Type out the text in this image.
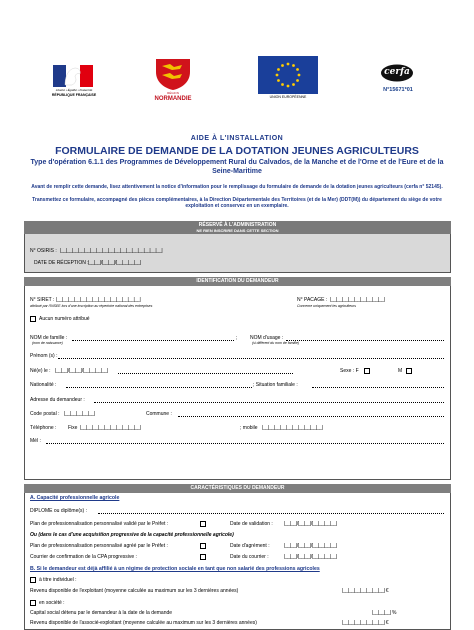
Liberté • Égalité • Fraternité
RÉPUBLIQUE FRANÇAISE	RÉGION
NORMANDIE	UNION EUROPÉENNE
cerfa
N°15671*01
AIDE À L'INSTALLATION
FORMULAIRE DE DEMANDE DE LA DOTATION JEUNES AGRICULTEURS
Type d'opération 6.1.1 des Programmes de Développement Rural du Calvados, de la Manche et de l'Orne et de l'Eure et de la Seine-Maritime
Avant de remplir cette demande, lisez attentivement la notice d'information pour le remplissage du formulaire de demande de la dotation jeunes agriculteurs (cerfa n° 52145).
Transmettez ce formulaire, accompagné des pièces complémentaires, à la Direction Départementale des Territoires (et de la Mer) (DDT(M)) du département du siège de votre exploitation et conservez en un exemplaire.
RÉSERVÉ À L'ADMINISTRATION
NE RIEN INSCRIRE DANS CETTE SECTION
N° OSIRIS : |__|__|__|__|__|__|__|__|__|__|__|__|__|__|__|__|__|
DATE DE RÉCEPTION : |__|__|/|__|__|/|__|__|__|__|
IDENTIFICATION DU DEMANDEUR
N° SIRET : |__|__|__|__|__|__|__|__|__|__|__|__|__|__|
attribué par l'INSEE lors d'une inscription au répertoire national des entreprises
N° PACAGE : |__|__|__|__|__|__|__|__|__|
Concerne uniquement les agriculteurs
Aucun numéro attribué
NOM de famille :	;
(nom de naissance)
NOM d'usage :
(si différent du nom de famille)
Prénom (s) :
Né(e) le : |__|__|/|__|__|/|__|__|__|__|	Sexe : F	M
Nationalité :	; Situation familiale :
Adresse du demandeur :
Code postal : |__|__|__|__|__|	Commune :
Téléphone : Fixe |__|__|__|__|__|__|__|__|__|__|	; mobile |__|__|__|__|__|__|__|__|__|__|
Mél :
CARACTÉRISTIQUES DU DEMANDEUR
A. Capacité professionnelle agricole
DIPLOME ou diplôme(s) :
Plan de professionnalisation personnalisé validé par le Préfet :	Date de validation : |__|__|/|__|__|/|__|__|__|__|
Ou (dans le cas d'une acquisition progressive de la capacité professionnelle agricole)
Plan de professionnalisation personnalisé agréé par le Préfet :	Date d'agrément :	|__|__|/|__|__|/|__|__|__|__|
Courrier de confirmation de la CPA progressive :	Date du courrier :	|__|__|/|__|__|/|__|__|__|__|
B. Si le demandeur est déjà affilié à un régime de protection sociale en tant que non salarié des professions agricoles
à titre individuel :
Revenu disponible de l'exploitant (moyenne calculée au maximum sur les 3 dernières années)	|__|__|__|__|__|__|__| €
en société :
Capital social détenu par le demandeur à la date de la demande	|__|__|__| %
Revenu disponible de l'associé-exploitant (moyenne calculée au maximum sur les 3 dernières années)	|__|__|__|__|__|__|__| €
